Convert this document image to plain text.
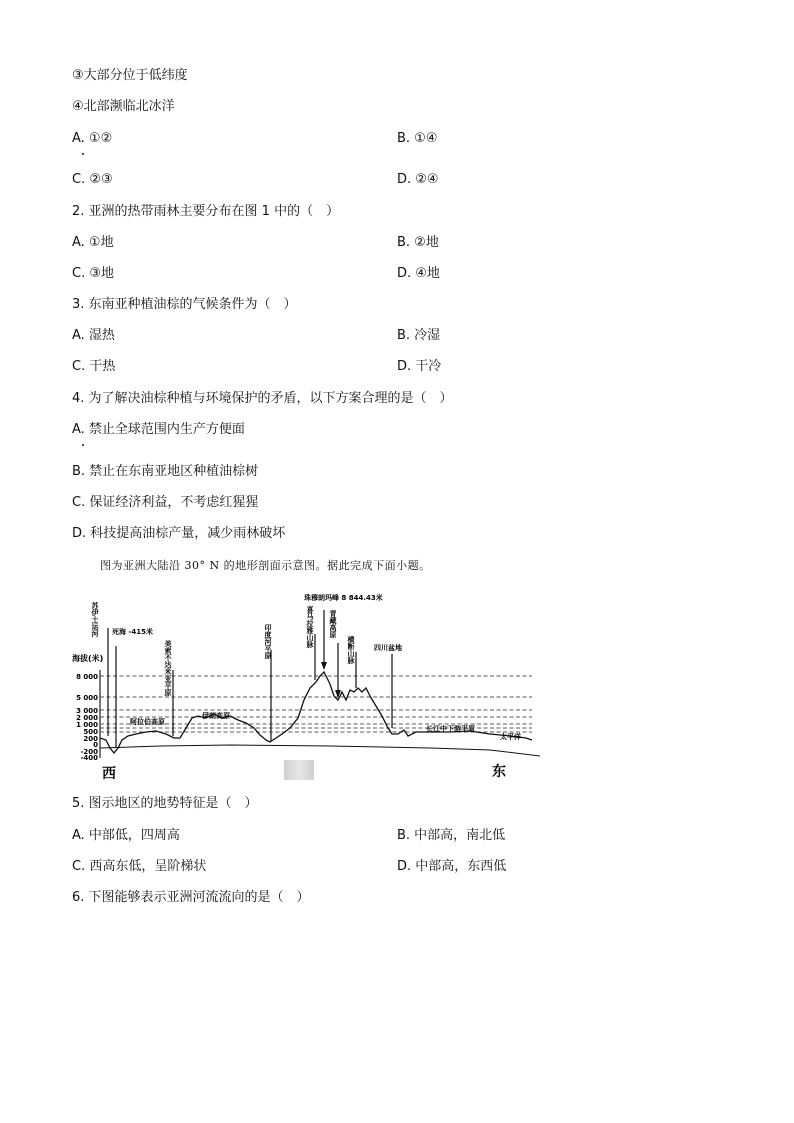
③大部分位于低纬度
④北部濒临北冰洋
A. ①②	B. ①④
C. ②③	D. ②④
2. 亚洲的热带雨林主要分布在图 1 中的（　）
A. ①地	B. ②地
C. ③地	D. ④地
3. 东南亚种植油棕的气候条件为（　）
A. 湿热	B. 冷湿
C. 干热	D. 干冷
4. 为了解决油棕种植与环境保护的矛盾，以下方案合理的是（　）
A. 禁止全球范围内生产方便面
B. 禁止在东南亚地区种植油棕树
C. 保证经济利益，不考虑红猩猩
D. 科技提高油棕产量，减少雨林破坏
图为亚洲大陆沿 30° N 的地形剖面示意图。据此完成下面小题。
海拔(米)
8 000
5 000
3 000
2 000
1 000
500
200
0
-200
-400
苏伊士运河
美索不达米亚平原	印度河平原	喜马拉雅山脉 青藏高原
横断山脉
死海 -415米
珠穆朗玛峰 8 844.43米
四川盆地
阿拉伯高原
伊朗高原
长江中下游平原
太平洋
西	东
5. 图示地区的地势特征是（　）
A. 中部低，四周高	B. 中部高，南北低
C. 西高东低，呈阶梯状	D. 中部高，东西低
6. 下图能够表示亚洲河流流向的是（　）
